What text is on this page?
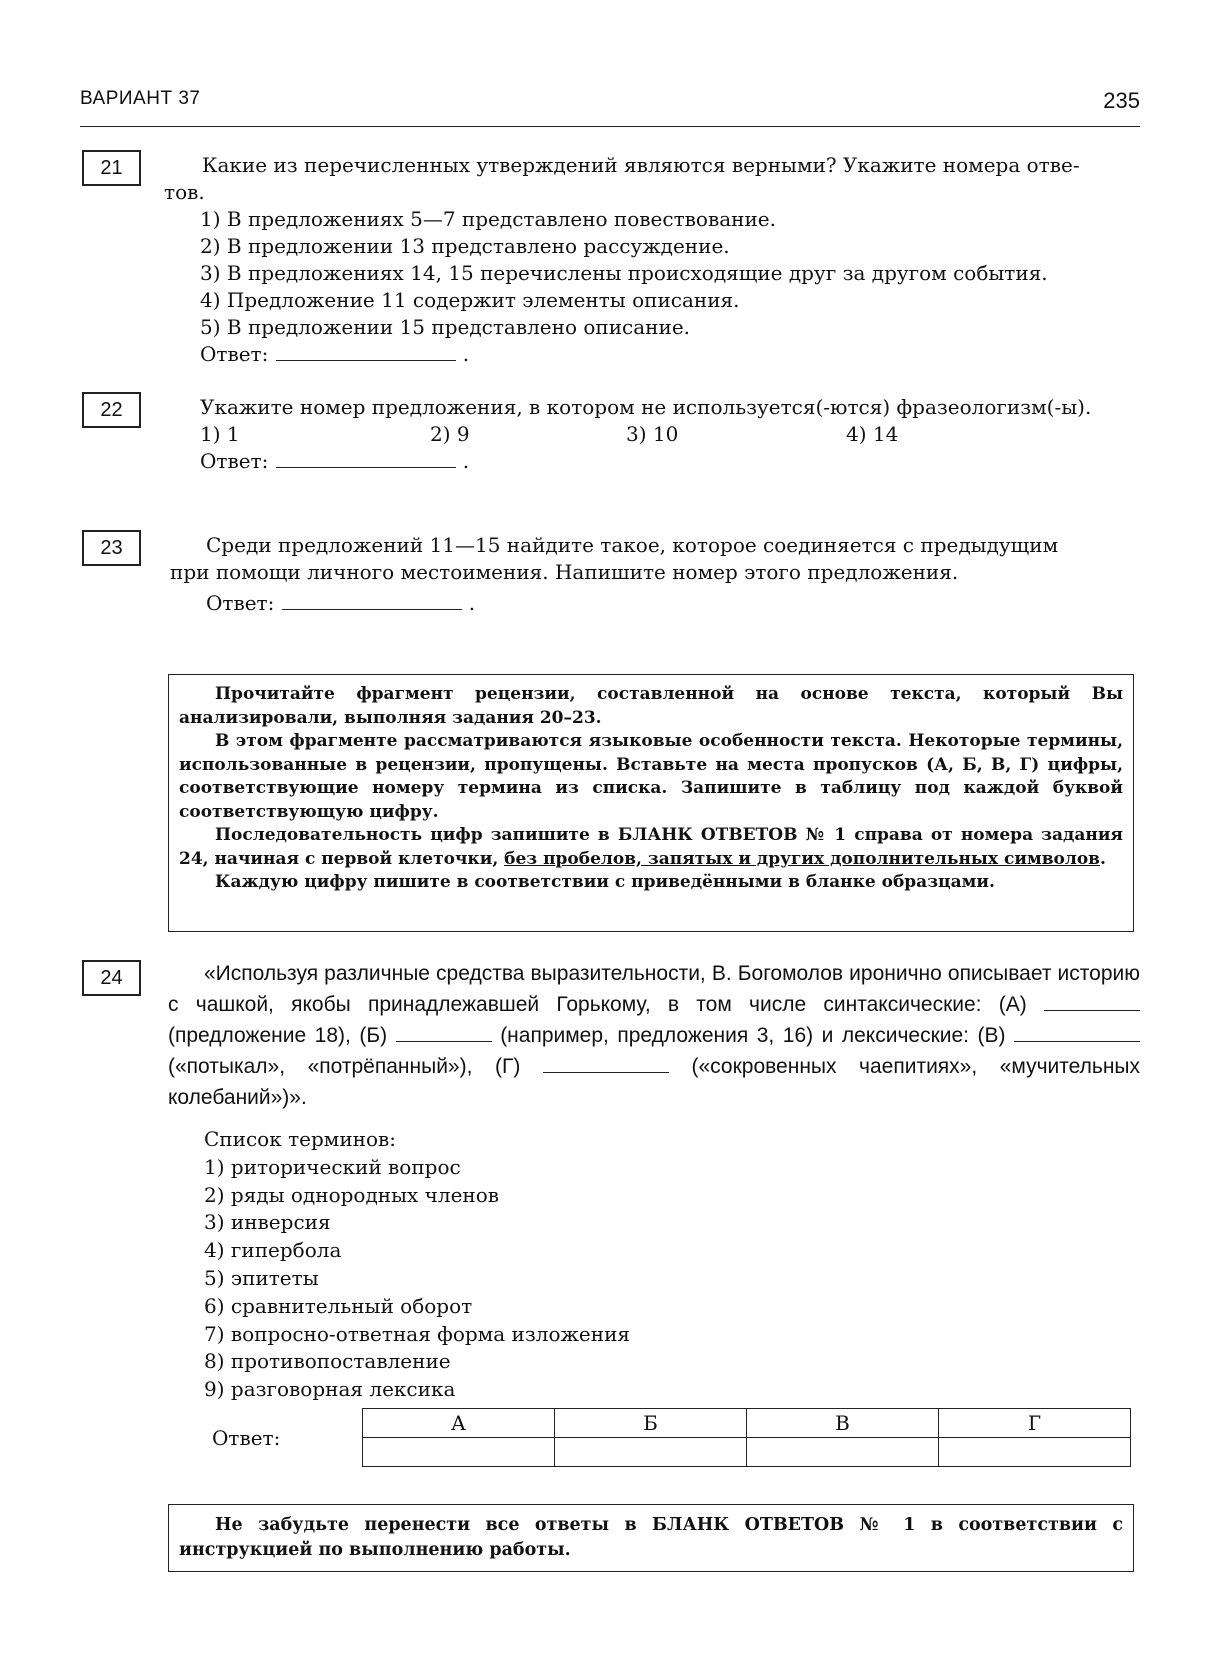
ВАРИАНТ 37	235
21	Какие из перечисленных утверждений являются верными? Укажите номера отве-
тов.
1) В предложениях 5—7 представлено повествование.
2) В предложении 13 представлено рассуждение.
3) В предложениях 14, 15 перечислены происходящие друг за другом события.
4) Предложение 11 содержит элементы описания.
5) В предложении 15 представлено описание.
Ответ:	.
22	Укажите номер предложения, в котором не используется(-ются) фразеологизм(-ы).
1) 1	2) 9	3) 10	4) 14
Ответ:	.
23	Среди предложений 11—15 найдите такое, которое соединяется с предыдущим
при помощи личного местоимения. Напишите номер этого предложения.
Ответ:	.

Прочитайте фрагмент рецензии, составленной на основе текста, который Вы анализировали, выполняя задания 20–23.

В этом фрагменте рассматриваются языковые особенности текста. Некоторые термины, использованные в рецензии, пропущены. Вставьте на места пропусков (А, Б, В, Г) цифры, соответствующие номеру термина из списка. Запишите в таблицу под каждой буквой соответствующую цифру.

Последовательность цифр запишите в БЛАНК ОТВЕТОВ № 1 справа от номера задания 24, начиная с первой клеточки, без пробелов, запятых и других дополнительных символов.

Каждую цифру пишите в соответствии с приведёнными в бланке образцами.

24	«Используя различные средства выразительности, В. Богомолов иронично описывает историю с чашкой, якобы принадлежавшей Горькому, в том числе синтаксические: (А)  (предложение 18), (Б)	(например, предложения 3, 16) и лексические: (В)  («потыкал», «потрёпанный»), (Г)	(«сокровенных чаепитиях», «мучительных колебаний»)».
Список терминов:
1) риторический вопрос
2) ряды однородных членов
3) инверсия
4) гипербола
5) эпитеты
6) сравнительный оборот
7) вопросно-ответная форма изложения
8) противопоставление
9) разговорная лексика
Ответ:
А	Б	В	Г

Не забудьте перенести все ответы в БЛАНК ОТВЕТОВ № 1 в соответствии с инструкцией по выполнению работы.
